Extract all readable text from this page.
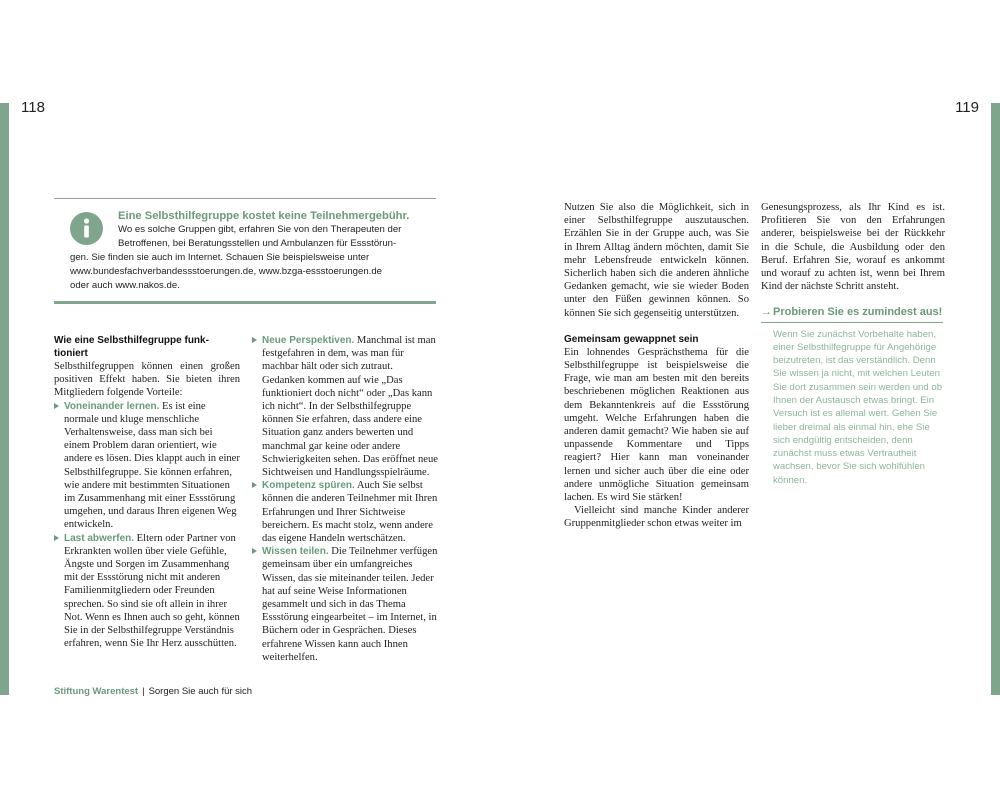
118	119
Eine Selbsthilfegruppe kostet keine Teilnehmergebühr.
Wo es solche Gruppen gibt, erfahren Sie von den Therapeuten der
Betroffenen, bei Beratungsstellen und Ambulanzen für Essstörun-
gen. Sie finden sie auch im Internet. Schauen Sie beispielsweise unter
www.bundesfachverbandessstoerungen.de, www.bzga-essstoerungen.de
oder auch www.nakos.de.

Wie eine Selbsthilfegruppe funk-
tioniert

Selbsthilfegruppen können einen großen positiven Effekt haben. Sie bieten ihren Mitgliedern folgende Vorteile:

Voneinander lernen. Es ist eine normale und kluge menschliche Verhaltensweise, dass man sich bei einem Problem daran orientiert, wie andere es lösen. Dies klappt auch in einer Selbsthilfegruppe. Sie können erfahren, wie andere mit bestimmten Situationen im Zusammenhang mit einer Essstörung umgehen, und daraus Ihren eigenen Weg entwickeln.

Last abwerfen. Eltern oder Partner von Erkrankten wollen über viele Gefühle, Ängste und Sorgen im Zusammenhang mit der Essstörung nicht mit anderen Familienmitgliedern oder Freunden sprechen. So sind sie oft allein in ihrer Not. Wenn es Ihnen auch so geht, können Sie in der Selbsthilfegruppe Verständnis erfahren, wenn Sie Ihr Herz ausschütten.

Neue Perspektiven. Manchmal ist man festgefahren in dem, was man für machbar hält oder sich zutraut. Gedanken kommen auf wie „Das funktioniert doch nicht“ oder „Das kann ich nicht“. In der Selbsthilfegruppe können Sie erfahren, dass andere eine Situation ganz anders bewerten und manchmal gar keine oder andere Schwierigkeiten sehen. Das eröffnet neue Sichtweisen und Handlungsspielräume.

Kompetenz spüren. Auch Sie selbst können die anderen Teilnehmer mit Ihren Erfahrungen und Ihrer Sichtweise bereichern. Es macht stolz, wenn andere das eigene Handeln wertschätzen.

Wissen teilen. Die Teilnehmer verfügen gemeinsam über ein umfangreiches Wissen, das sie miteinander teilen. Jeder hat auf seine Weise Informationen gesammelt und sich in das Thema Essstörung eingearbeitet – im Internet, in Büchern oder in Gesprächen. Dieses erfahrene Wissen kann auch Ihnen weiterhelfen.

Nutzen Sie also die Möglichkeit, sich in einer Selbsthilfegruppe auszutauschen. Erzählen Sie in der Gruppe auch, was Sie in Ihrem Alltag ändern möchten, damit Sie mehr Lebensfreude entwickeln können. Sicherlich haben sich die anderen ähnliche Gedanken gemacht, wie sie wieder Boden unter den Füßen gewinnen können. So können Sie sich gegenseitig unterstützen.

Gemeinsam gewappnet sein

Ein lohnendes Gesprächsthema für die Selbsthilfegruppe ist beispielsweise die Frage, wie man am besten mit den bereits beschriebenen möglichen Reaktionen aus dem Bekanntenkreis auf die Essstörung umgeht. Welche Erfahrungen haben die anderen damit gemacht? Wie haben sie auf unpassende Kommentare und Tipps reagiert? Hier kann man voneinander lernen und sicher auch über die eine oder andere unmögliche Situation gemeinsam lachen. Es wird Sie stärken!

Vielleicht sind manche Kinder anderer Gruppenmitglieder schon etwas weiter im

Genesungsprozess, als Ihr Kind es ist. Profitieren Sie von den Erfahrungen anderer, beispielsweise bei der Rückkehr in die Schule, die Ausbildung oder den Beruf. Erfahren Sie, worauf es ankommt und worauf zu achten ist, wenn bei Ihrem Kind der nächste Schritt ansteht.

→ Probieren Sie es zumindest aus!
Wenn Sie zunächst Vorbehalte haben, einer Selbsthilfegruppe für Angehörige beizutreten, ist das verständlich. Denn Sie wissen ja nicht, mit welchen Leuten Sie dort zusammen sein werden und ob Ihnen der Austausch etwas bringt. Ein Versuch ist es allemal wert. Gehen Sie lieber dreimal als einmal hin, ehe Sie sich endgültig entscheiden, denn zunächst muss etwas Vertrautheit wachsen, bevor Sie sich wohlfühlen können.
Stiftung Warentest | Sorgen Sie auch für sich
